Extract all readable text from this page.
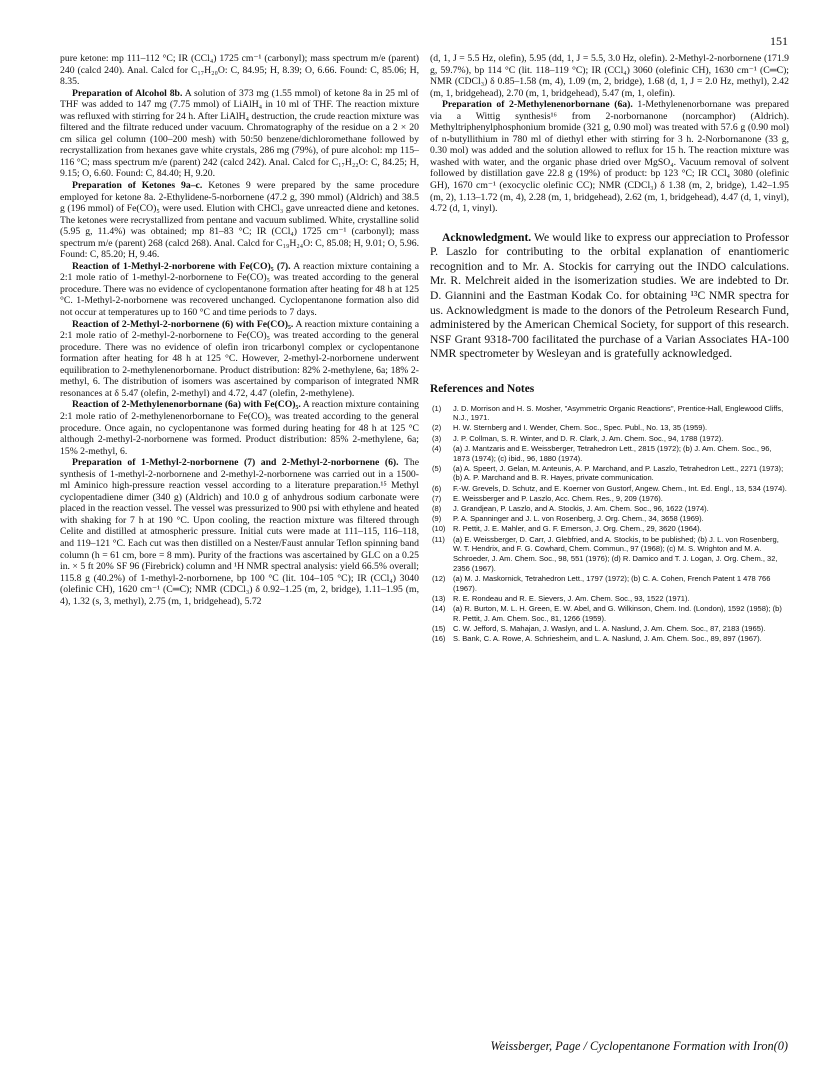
151

pure ketone: mp 111–112 °C; IR (CCl₄) 1725 cm⁻¹ (carbonyl); mass spectrum m/e (parent) 240 (calcd 240). Anal. Calcd for C₁₇H₂₀O: C, 84.95; H, 8.39; O, 6.66. Found: C, 85.06; H, 8.35.

Preparation of Alcohol 8b. A solution of 373 mg (1.55 mmol) of ketone 8a in 25 ml of THF was added to 147 mg (7.75 mmol) of LiAlH₄ in 10 ml of THF. The reaction mixture was refluxed with stirring for 24 h. After LiAlH₄ destruction, the crude reaction mixture was filtered and the filtrate reduced under vacuum. Chromatography of the residue on a 2 × 20 cm silica gel column (100–200 mesh) with 50:50 benzene/dichloromethane followed by recrystallization from hexanes gave white crystals, 286 mg (79%), of pure alcohol: mp 115–116 °C; mass spectrum m/e (parent) 242 (calcd 242). Anal. Calcd for C₁₇H₂₂O: C, 84.25; H, 9.15; O, 6.60. Found: C, 84.40; H, 9.20.

Preparation of Ketones 9a–c. Ketones 9 were prepared by the same procedure employed for ketone 8a. 2-Ethylidene-5-norbornene (47.2 g, 390 mmol) (Aldrich) and 38.5 g (196 mmol) of Fe(CO)₅ were used. Elution with CHCl₃ gave unreacted diene and ketones. The ketones were recrystallized from pentane and vacuum sublimed. White, crystalline solid (5.95 g, 11.4%) was obtained; mp 81–83 °C; IR (CCl₄) 1725 cm⁻¹ (carbonyl); mass spectrum m/e (parent) 268 (calcd 268). Anal. Calcd for C₁₉H₂₄O: C, 85.08; H, 9.01; O, 5.96. Found: C, 85.20; H, 9.46.

Reaction of 1-Methyl-2-norborene with Fe(CO)₅ (7). A reaction mixture containing a 2:1 mole ratio of 1-methyl-2-norbornene to Fe(CO)₅ was treated according to the general procedure. There was no evidence of cyclopentanone formation after heating for 48 h at 125 °C. 1-Methyl-2-norbornene was recovered unchanged. Cyclopentanone formation also did not occur at temperatures up to 160 °C and time periods to 7 days.

Reaction of 2-Methyl-2-norbornene (6) with Fe(CO)₅. A reaction mixture containing a 2:1 mole ratio of 2-methyl-2-norbornene to Fe(CO)₅ was treated according to the general procedure. There was no evidence of olefin iron tricarbonyl complex or cyclopentanone formation after heating for 48 h at 125 °C. However, 2-methyl-2-norbornene underwent equilibration to 2-methylenenorbornane. Product distribution: 82% 2-methylene, 6a; 18% 2-methyl, 6. The distribution of isomers was ascertained by comparison of integrated NMR resonances at δ 5.47 (olefin, 2-methyl) and 4.72, 4.47 (olefin, 2-methylene).

Reaction of 2-Methylenenorbornane (6a) with Fe(CO)₅. A reaction mixture containing 2:1 mole ratio of 2-methylenenorbornane to Fe(CO)₅ was treated according to the general procedure. Once again, no cyclopentanone was formed during heating for 48 h at 125 °C although 2-methyl-2-norbornene was formed. Product distribution: 85% 2-methylene, 6a; 15% 2-methyl, 6.

Preparation of 1-Methyl-2-norbornene (7) and 2-Methyl-2-norbornene (6). The synthesis of 1-methyl-2-norbornene and 2-methyl-2-norbornene was carried out in a 1500-ml Aminico high-pressure reaction vessel according to a literature preparation.¹⁵ Methyl cyclopentadiene dimer (340 g) (Aldrich) and 10.0 g of anhydrous sodium carbonate were placed in the reaction vessel. The vessel was pressurized to 900 psi with ethylene and heated with shaking for 7 h at 190 °C. Upon cooling, the reaction mixture was filtered through Celite and distilled at atmospheric pressure. Initial cuts were made at 111–115, 116–118, and 119–121 °C. Each cut was then distilled on a Nester/Faust annular Teflon spinning band column (h = 61 cm, bore = 8 mm). Purity of the fractions was ascertained by GLC on a 0.25 in. × 5 ft 20% SF 96 (Firebrick) column and ¹H NMR spectral analysis: yield 66.5% overall; 115.8 g (40.2%) of 1-methyl-2-norbornene, bp 100 °C (lit. 104–105 °C); IR (CCl₄) 3040 (olefinic CH), 1620 cm⁻¹ (C═C); NMR (CDCl₃) δ 0.92–1.25 (m, 2, bridge), 1.11–1.95 (m, 4), 1.32 (s, 3, methyl), 2.75 (m, 1, bridgehead), 5.72

(d, 1, J = 5.5 Hz, olefin), 5.95 (dd, 1, J = 5.5, 3.0 Hz, olefin). 2-Methyl-2-norbornene (171.9 g, 59.7%), bp 114 °C (lit. 118–119 °C); IR (CCl₄) 3060 (olefinic CH), 1630 cm⁻¹ (C═C); NMR (CDCl₃) δ 0.85–1.58 (m, 4), 1.09 (m, 2, bridge), 1.68 (d, 1, J = 2.0 Hz, methyl), 2.42 (m, 1, bridgehead), 2.70 (m, 1, bridgehead), 5.47 (m, 1, olefin).

Preparation of 2-Methylenenorbornane (6a). 1-Methylenenorbornane was prepared via a Wittig synthesis¹⁶ from 2-norbornanone (norcamphor) (Aldrich). Methyltriphenylphosphonium bromide (321 g, 0.90 mol) was treated with 57.6 g (0.90 mol) of n-butyllithium in 780 ml of diethyl ether with stirring for 3 h. 2-Norbornanone (33 g, 0.30 mol) was added and the solution allowed to reflux for 15 h. The reaction mixture was washed with water, and the organic phase dried over MgSO₄. Vacuum removal of solvent followed by distillation gave 22.8 g (19%) of product: bp 123 °C; IR CCl₄ 3080 (olefinic GH), 1670 cm⁻¹ (exocyclic olefinic CC); NMR (CDCl₃) δ 1.38 (m, 2, bridge), 1.42–1.95 (m, 2), 1.13–1.72 (m, 4), 2.28 (m, 1, bridgehead), 2.62 (m, 1, bridgehead), 4.47 (d, 1, vinyl), 4.72 (d, 1, vinyl).

Acknowledgment. We would like to express our appreciation to Professor P. Laszlo for contributing to the orbital explanation of enantiomeric recognition and to Mr. A. Stockis for carrying out the INDO calculations. Mr. R. Melchreit aided in the isomerization studies. We are indebted to Dr. D. Giannini and the Eastman Kodak Co. for obtaining ¹³C NMR spectra for us. Acknowledgment is made to the donors of the Petroleum Research Fund, administered by the American Chemical Society, for support of this research. NSF Grant 9318-700 facilitated the purchase of a Varian Associates HA-100 NMR spectrometer by Wesleyan and is gratefully acknowledged.

References and Notes
(1)	J. D. Morrison and H. S. Mosher, "Asymmetric Organic Reactions", Prentice-Hall, Englewood Cliffs, N.J., 1971.
(2)	H. W. Sternberg and I. Wender, Chem. Soc., Spec. Publ., No. 13, 35 (1959).
(3)	J. P. Collman, S. R. Winter, and D. R. Clark, J. Am. Chem. Soc., 94, 1788 (1972).
(4)	(a) J. Mantzaris and E. Weissberger, Tetrahedron Lett., 2815 (1972); (b) J. Am. Chem. Soc., 96, 1873 (1974); (c) ibid., 96, 1880 (1974).
(5)	(a) A. Speert, J. Gelan, M. Anteunis, A. P. Marchand, and P. Laszlo, Tetrahedron Lett., 2271 (1973); (b) A. P. Marchand and B. R. Hayes, private communication.
(6)	F.-W. Grevels, D. Schutz, and E. Koerner von Gustorf, Angew. Chem., Int. Ed. Engl., 13, 534 (1974).
(7)	E. Weissberger and P. Laszlo, Acc. Chem. Res., 9, 209 (1976).
(8)	J. Grandjean, P. Laszlo, and A. Stockis, J. Am. Chem. Soc., 96, 1622 (1974).
(9)	P. A. Spanninger and J. L. von Rosenberg, J. Org. Chem., 34, 3658 (1969).
(10)	R. Pettit, J. E. Mahler, and G. F. Emerson, J. Org. Chem., 29, 3620 (1964).
(11)	(a) E. Weissberger, D. Carr, J. Glebfried, and A. Stockis, to be published; (b) J. L. von Rosenberg, W. T. Hendrix, and F. G. Cowhard, Chem. Commun., 97 (1968); (c) M. S. Wrighton and M. A. Schroeder, J. Am. Chem. Soc., 98, 551 (1976); (d) R. Damico and T. J. Logan, J. Org. Chem., 32, 2356 (1967).
(12)	(a) M. J. Maskornick, Tetrahedron Lett., 1797 (1972); (b) C. A. Cohen, French Patent 1 478 766 (1967).
(13)	R. E. Rondeau and R. E. Sievers, J. Am. Chem. Soc., 93, 1522 (1971).
(14)	(a) R. Burton, M. L. H. Green, E. W. Abel, and G. Wilkinson, Chem. Ind. (London), 1592 (1958); (b) R. Pettit, J. Am. Chem. Soc., 81, 1266 (1959).
(15)	C. W. Jefford, S. Mahajan, J. Waslyn, and L. A. Naslund, J. Am. Chem. Soc., 87, 2183 (1965).
(16)	S. Bank, C. A. Rowe, A. Schriesheim, and L. A. Naslund, J. Am. Chem. Soc., 89, 897 (1967).
Weissberger, Page / Cyclopentanone Formation with Iron(0)
